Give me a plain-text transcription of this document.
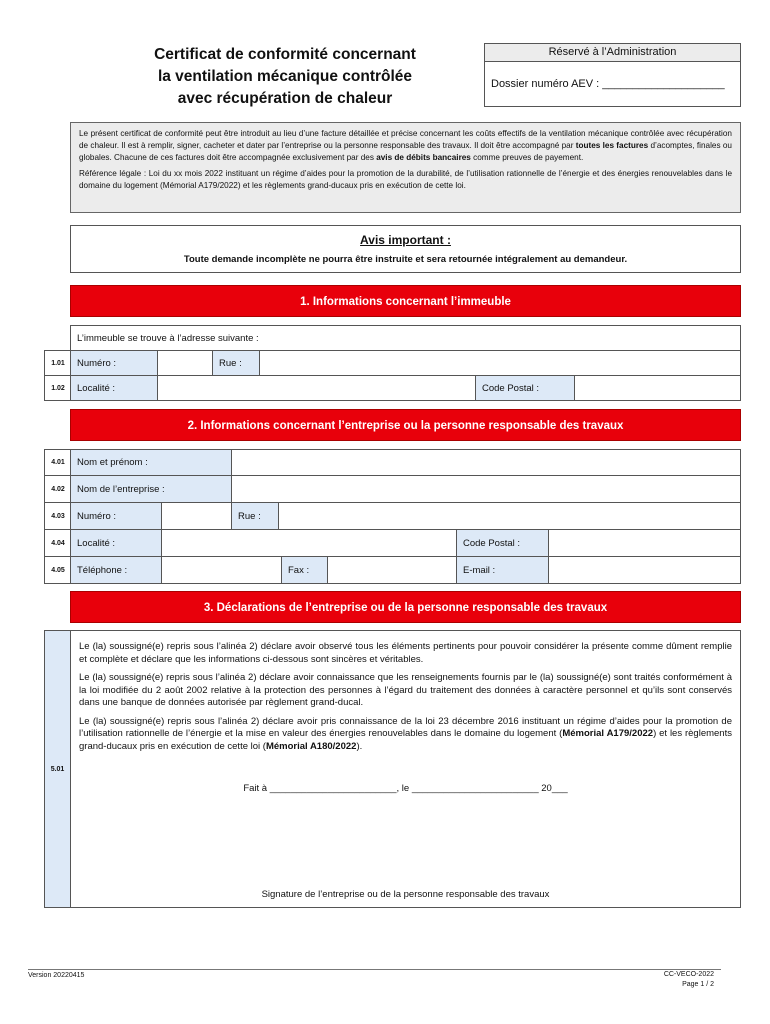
Certificat de conformité concernant
la ventilation mécanique contrôlée
avec récupération de chaleur
Réservé à l’Administration
Dossier numéro AEV : ____________________

Le présent certificat de conformité peut être introduit au lieu d’une facture détaillée et précise concernant les coûts effectifs de la ventilation mécanique contrôlée avec récupération de chaleur. Il est à remplir, signer, cacheter et dater par l’entreprise ou la personne responsable des travaux. Il doit être accompagné par toutes les factures d’acomptes, finales ou globales. Chacune de ces factures doit être accompagnée exclusivement par des avis de débits bancaires comme preuves de payement.

Référence légale : Loi du xx mois 2022 instituant un régime d’aides pour la promotion de la durabilité, de l’utilisation rationnelle de l’énergie et des énergies renouvelables dans le domaine du logement (Mémorial A179/2022) et les règlements grand-ducaux pris en exécution de cette loi.

Avis important :
Toute demande incomplète ne pourra être instruite et sera retournée intégralement au demandeur.
1. Informations concernant l’immeuble
L’immeuble se trouve à l’adresse suivante :
1.01	Numéro :	Rue :
1.02	Localité :	Code Postal :
2. Informations concernant l’entreprise ou la personne responsable des travaux
4.01	Nom et prénom :
4.02	Nom de l’entreprise :
4.03	Numéro :	Rue :
4.04	Localité :	Code Postal :
4.05	Téléphone :	Fax :	E-mail :
3. Déclarations de l’entreprise ou de la personne responsable des travaux
5.01

Le (la) soussigné(e) repris sous l’alinéa 2) déclare avoir observé tous les éléments pertinents pour pouvoir considérer la présente comme dûment remplie et complète et déclare que les informations ci-dessous sont sincères et véritables.

Le (la) soussigné(e) repris sous l’alinéa 2) déclare avoir connaissance que les renseignements fournis par le (la) soussigné(e) sont traités conformément à la loi modifiée du 2 août 2002 relative à la protection des personnes à l’égard du traitement des données à caractère personnel et qu’ils sont conservés dans une banque de données autorisée par règlement grand-ducal.

Le (la) soussigné(e) repris sous l’alinéa 2) déclare avoir pris connaissance de la loi 23 décembre 2016 instituant un régime d’aides pour la promotion de l’utilisation rationnelle de l’énergie et la mise en valeur des énergies renouvelables dans le domaine du logement (Mémorial A179/2022) et les règlements grand-ducaux pris en exécution de cette loi (Mémorial A180/2022).

Fait à ________________________, le ________________________ 20___
Signature de l’entreprise ou de la personne responsable des travaux
Version 20220415	CC-VECO-2022
Page 1 / 2
